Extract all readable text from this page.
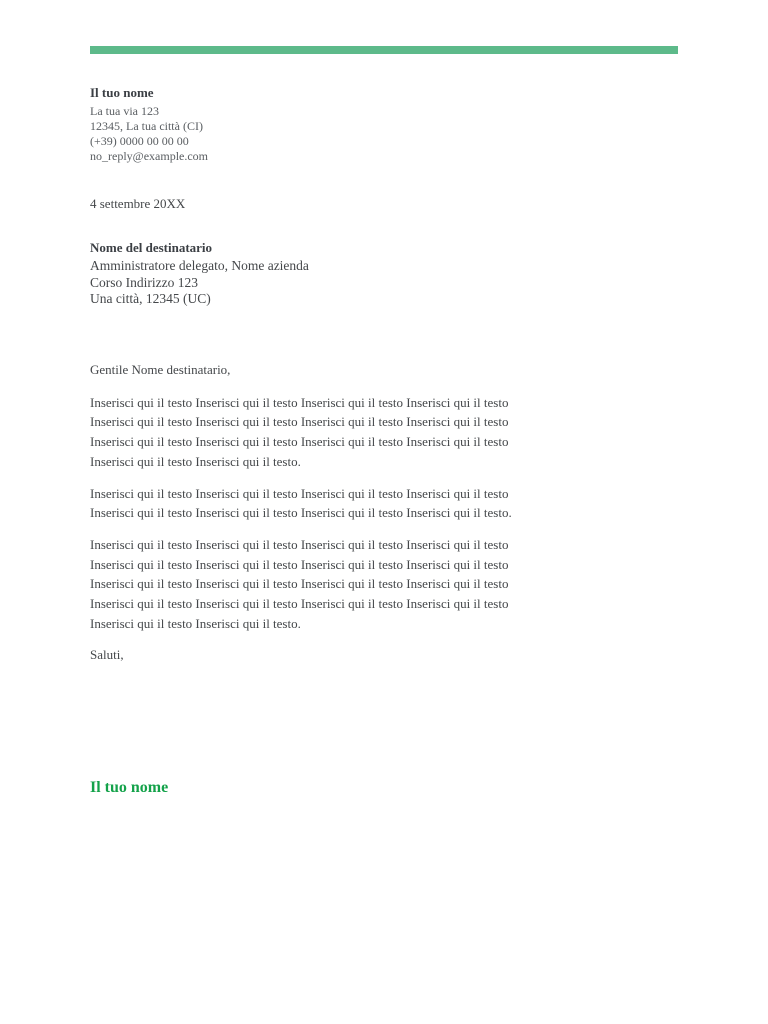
Il tuo nome
La tua via 123
12345, La tua città (CI)
(+39) 0000 00 00 00
no_reply@example.com
4 settembre 20XX
Nome del destinatario
Amministratore delegato, Nome azienda
Corso Indirizzo 123
Una città, 12345 (UC)

Gentile Nome destinatario,

Inserisci qui il testo Inserisci qui il testo Inserisci qui il testo Inserisci qui il testo Inserisci qui il testo Inserisci qui il testo Inserisci qui il testo Inserisci qui il testo Inserisci qui il testo Inserisci qui il testo Inserisci qui il testo Inserisci qui il testo Inserisci qui il testo Inserisci qui il testo.

Inserisci qui il testo Inserisci qui il testo Inserisci qui il testo Inserisci qui il testo Inserisci qui il testo Inserisci qui il testo Inserisci qui il testo Inserisci qui il testo.

Inserisci qui il testo Inserisci qui il testo Inserisci qui il testo Inserisci qui il testo Inserisci qui il testo Inserisci qui il testo Inserisci qui il testo Inserisci qui il testo Inserisci qui il testo Inserisci qui il testo Inserisci qui il testo Inserisci qui il testo Inserisci qui il testo Inserisci qui il testo Inserisci qui il testo Inserisci qui il testo Inserisci qui il testo Inserisci qui il testo.

Saluti,

Il tuo nome
